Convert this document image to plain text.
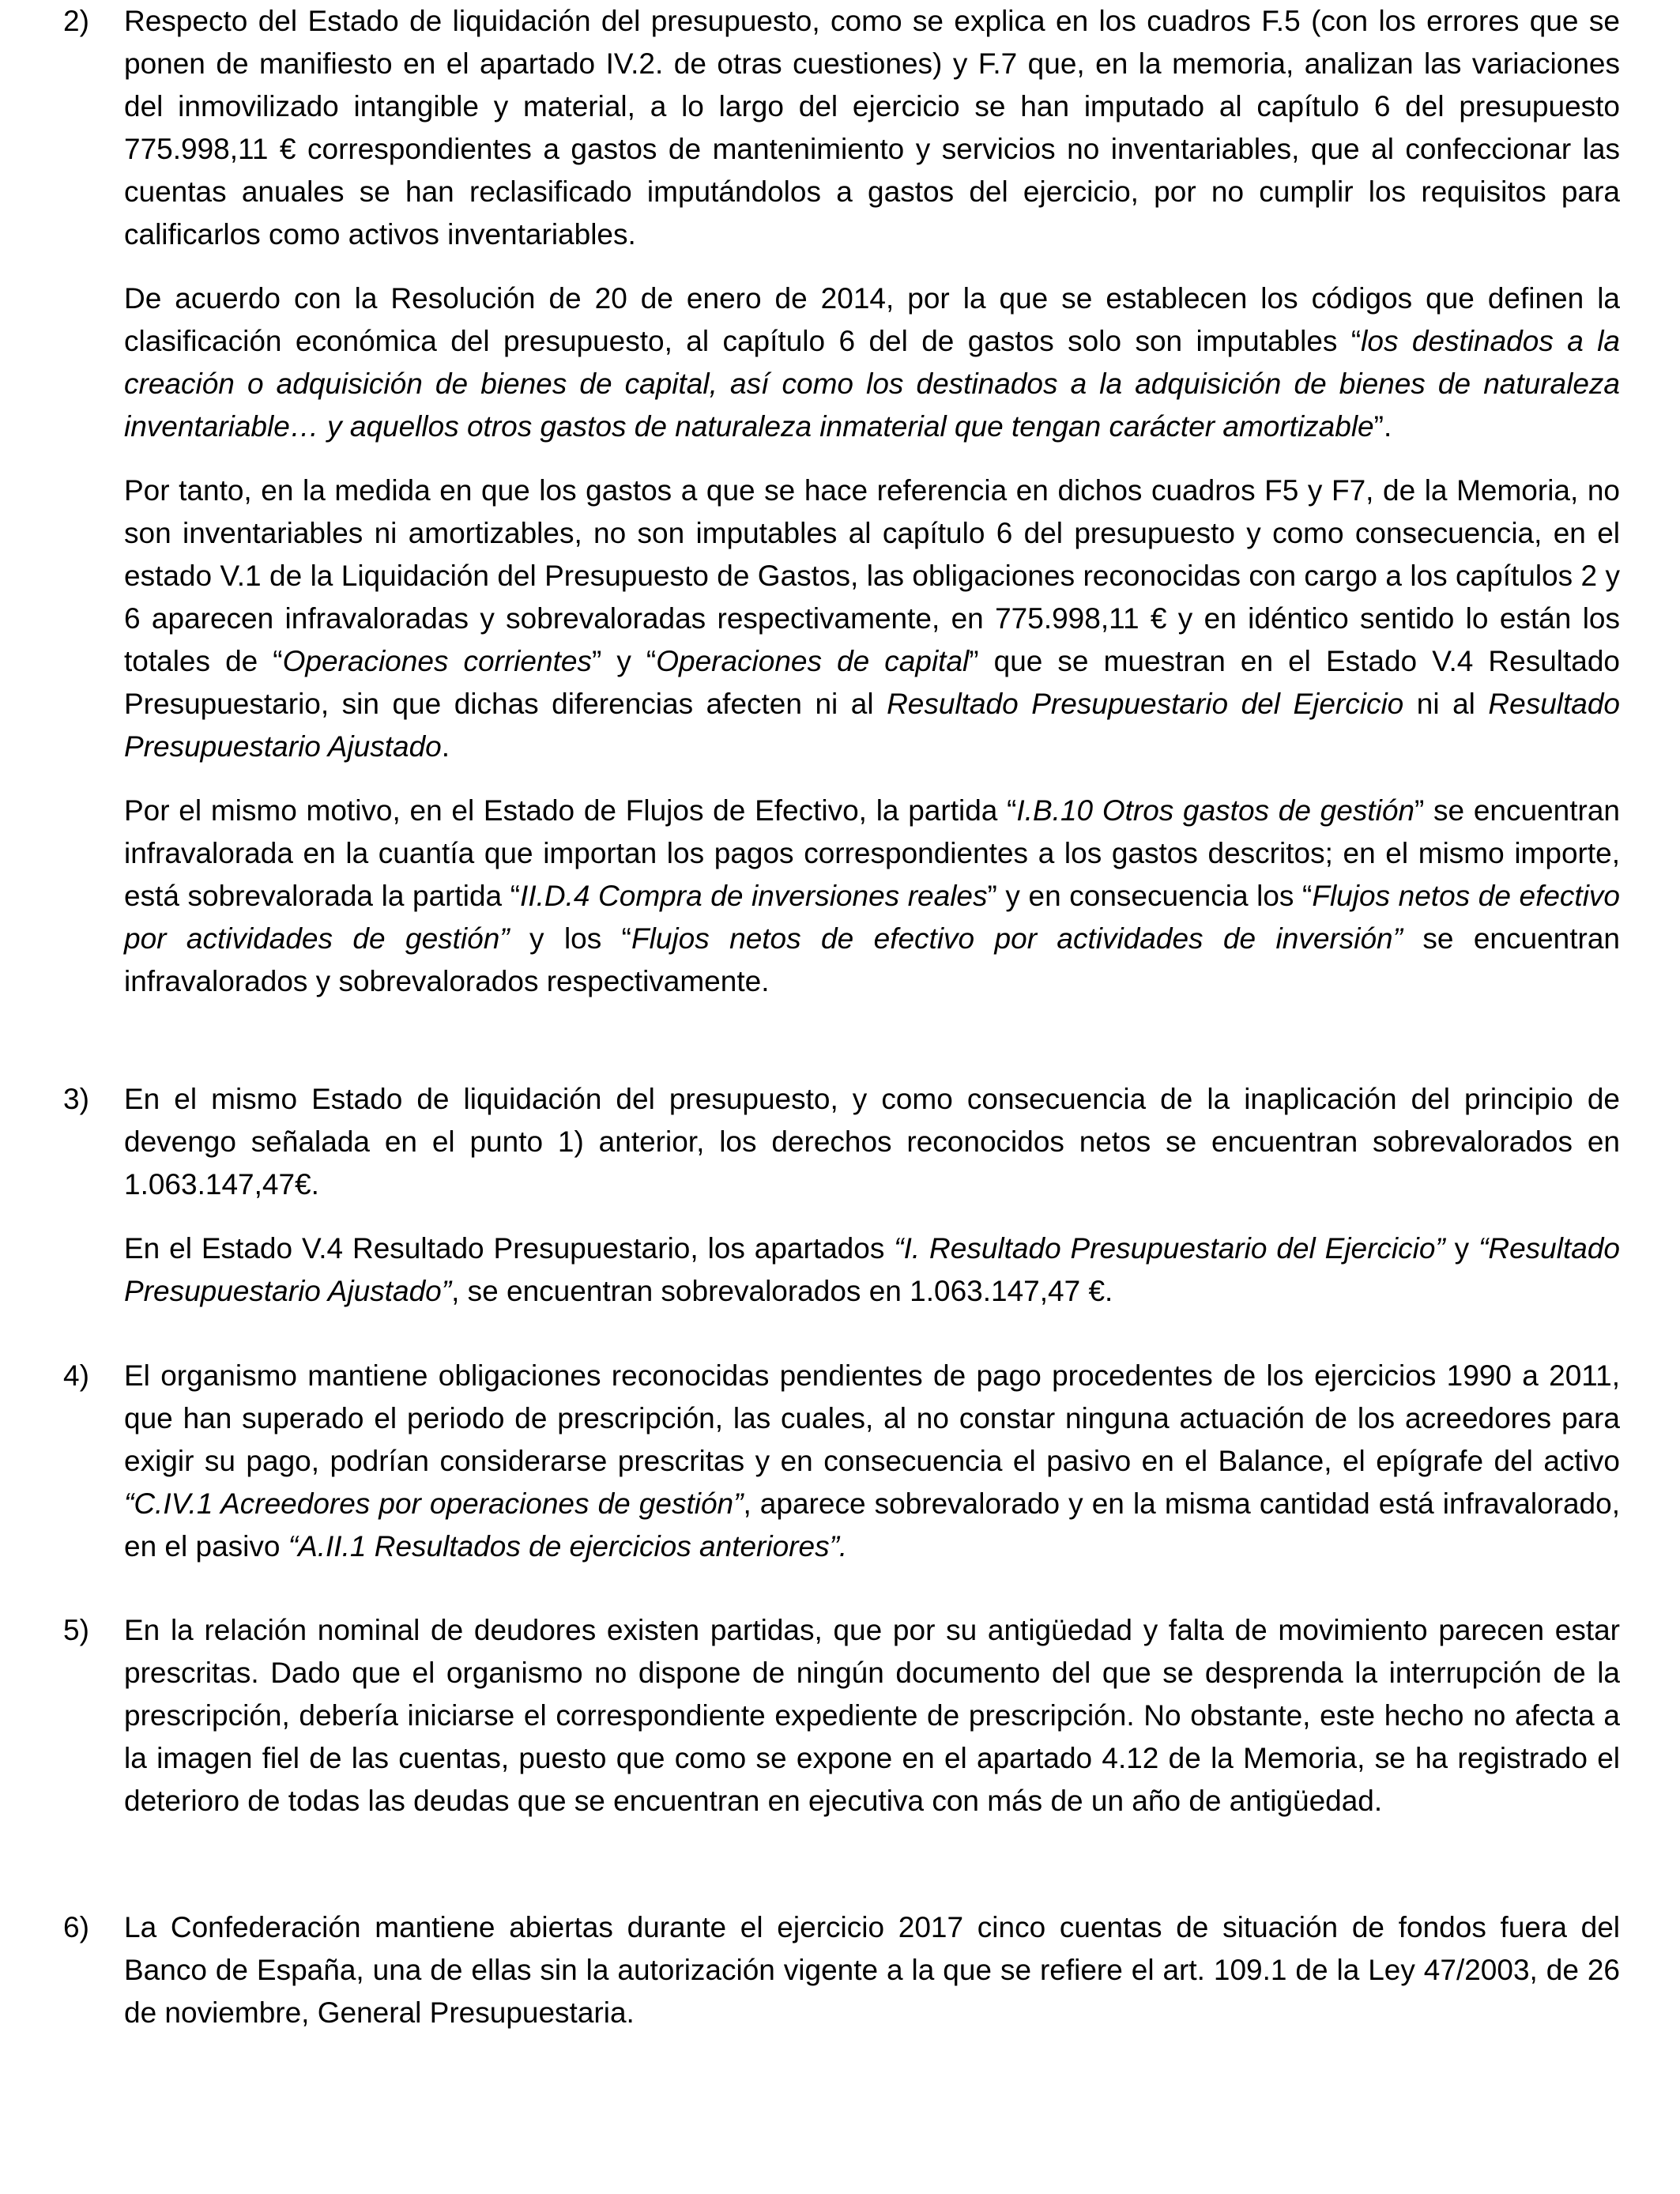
2)	Respecto del Estado de liquidación del presupuesto, como se explica en los cuadros F.5 (con los errores que se ponen de manifiesto en el apartado IV.2. de otras cuestiones) y F.7 que, en la memoria, analizan las variaciones del inmovilizado intangible y material, a lo largo del ejercicio se han imputado al capítulo 6 del presupuesto 775.998,11 € correspondientes a gastos de mantenimiento y servicios no inventariables, que al confeccionar las cuentas anuales se han reclasificado imputándolos a gastos del ejercicio, por no cumplir los requisitos para calificarlos como activos inventariables.

De acuerdo con la Resolución de 20 de enero de 2014, por la que se establecen los códigos que definen la clasificación económica del presupuesto, al capítulo 6 del de gastos solo son imputables “los destinados a la creación o adquisición de bienes de capital, así como los destinados a la adquisición de bienes de naturaleza inventariable… y aquellos otros gastos de naturaleza inmaterial que tengan carácter amortizable”.

Por tanto, en la medida en que los gastos a que se hace referencia en dichos cuadros F5 y F7, de la Memoria, no son inventariables ni amortizables, no son imputables al capítulo 6 del presupuesto y como consecuencia, en el estado V.1 de la Liquidación del Presupuesto de Gastos, las obligaciones reconocidas con cargo a los capítulos 2 y 6 aparecen infravaloradas y sobrevaloradas respectivamente, en 775.998,11 € y en idéntico sentido lo están los totales de “Operaciones corrientes” y “Operaciones de capital” que se muestran en el Estado V.4 Resultado Presupuestario, sin que dichas diferencias afecten ni al Resultado Presupuestario del Ejercicio ni al Resultado Presupuestario Ajustado.

Por el mismo motivo, en el Estado de Flujos de Efectivo, la partida “I.B.10 Otros gastos de gestión” se encuentran infravalorada en la cuantía que importan los pagos correspondientes a los gastos descritos; en el mismo importe, está sobrevalorada la partida “II.D.4 Compra de inversiones reales” y en consecuencia los “Flujos netos de efectivo por actividades de gestión” y los “Flujos netos de efectivo por actividades de inversión” se encuentran infravalorados y sobrevalorados respectivamente.

3)	En el mismo Estado de liquidación del presupuesto, y como consecuencia de la inaplicación del principio de devengo señalada en el punto 1) anterior, los derechos reconocidos netos se encuentran sobrevalorados en 1.063.147,47€.

En el Estado V.4 Resultado Presupuestario, los apartados “I. Resultado Presupuestario del Ejercicio” y “Resultado Presupuestario Ajustado”, se encuentran sobrevalorados en 1.063.147,47 €.

4)	El organismo mantiene obligaciones reconocidas pendientes de pago procedentes de los ejercicios 1990 a 2011, que han superado el periodo de prescripción, las cuales, al no constar ninguna actuación de los acreedores para exigir su pago, podrían considerarse prescritas y en consecuencia el pasivo en el Balance, el epígrafe del activo “C.IV.1 Acreedores por operaciones de gestión”, aparece sobrevalorado y en la misma cantidad está infravalorado, en el pasivo “A.II.1 Resultados de ejercicios anteriores”.

5)	En la relación nominal de deudores existen partidas, que por su antigüedad y falta de movimiento parecen estar prescritas. Dado que el organismo no dispone de ningún documento del que se desprenda la interrupción de la prescripción, debería iniciarse el correspondiente expediente de prescripción. No obstante, este hecho no afecta a la imagen fiel de las cuentas, puesto que como se expone en el apartado 4.12 de la Memoria, se ha registrado el deterioro de todas las deudas que se encuentran en ejecutiva con más de un año de antigüedad.

6)	La Confederación mantiene abiertas durante el ejercicio 2017 cinco cuentas de situación de fondos fuera del Banco de España, una de ellas sin la autorización vigente a la que se refiere el art. 109.1 de la Ley 47/2003, de 26 de noviembre, General Presupuestaria.
